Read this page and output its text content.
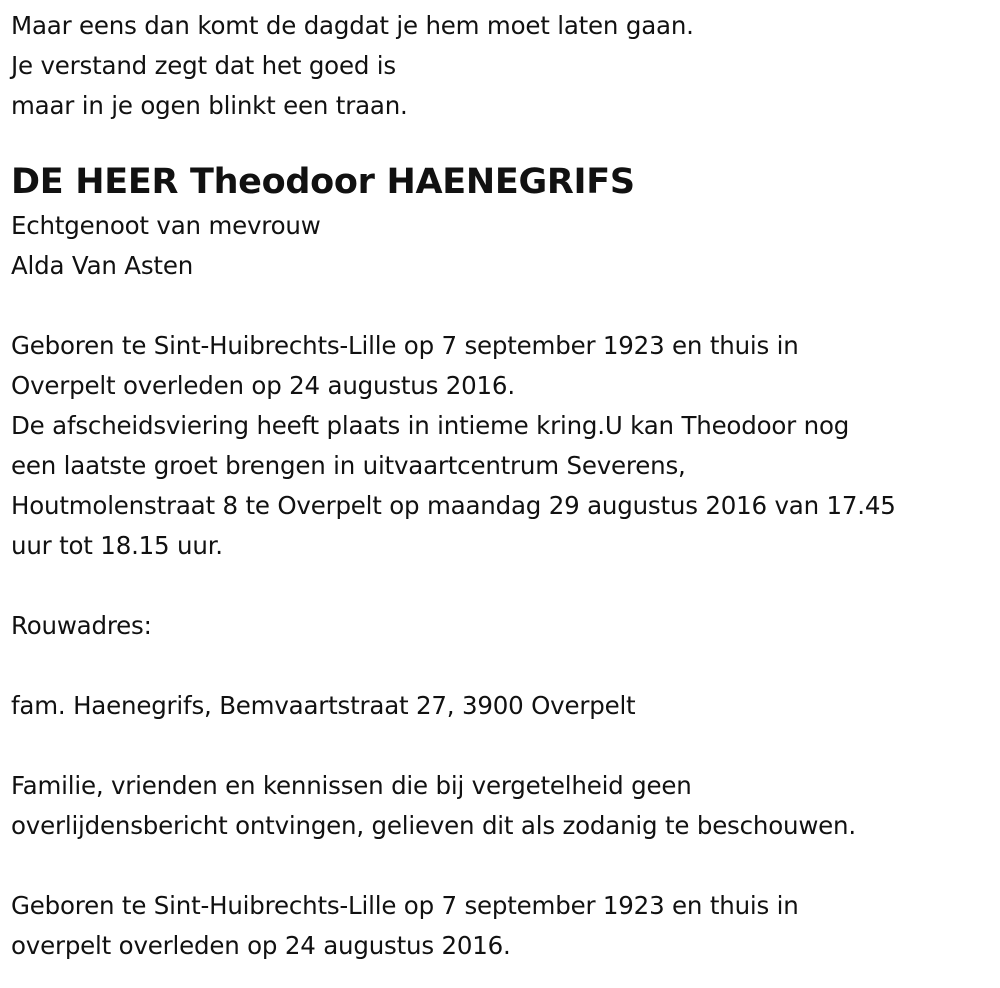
Maar eens dan komt de dagdat je hem moet laten gaan.
Je verstand zegt dat het goed is
maar in je ogen blinkt een traan.
DE HEER Theodoor HAENEGRIFS
Echtgenoot van mevrouw
Alda Van Asten
Geboren te Sint-Huibrechts-Lille op 7 september 1923 en thuis in
Overpelt overleden op 24 augustus 2016.
De afscheidsviering heeft plaats in intieme kring.U kan Theodoor nog
een laatste groet brengen in uitvaartcentrum Severens,
Houtmolenstraat 8 te Overpelt op maandag 29 augustus 2016 van 17.45
uur tot 18.15 uur.
Rouwadres:
fam. Haenegrifs, Bemvaartstraat 27, 3900 Overpelt
Familie, vrienden en kennissen die bij vergetelheid geen
overlijdensbericht ontvingen, gelieven dit als zodanig te beschouwen.
Geboren te Sint-Huibrechts-Lille op 7 september 1923 en thuis in
overpelt overleden op 24 augustus 2016.
